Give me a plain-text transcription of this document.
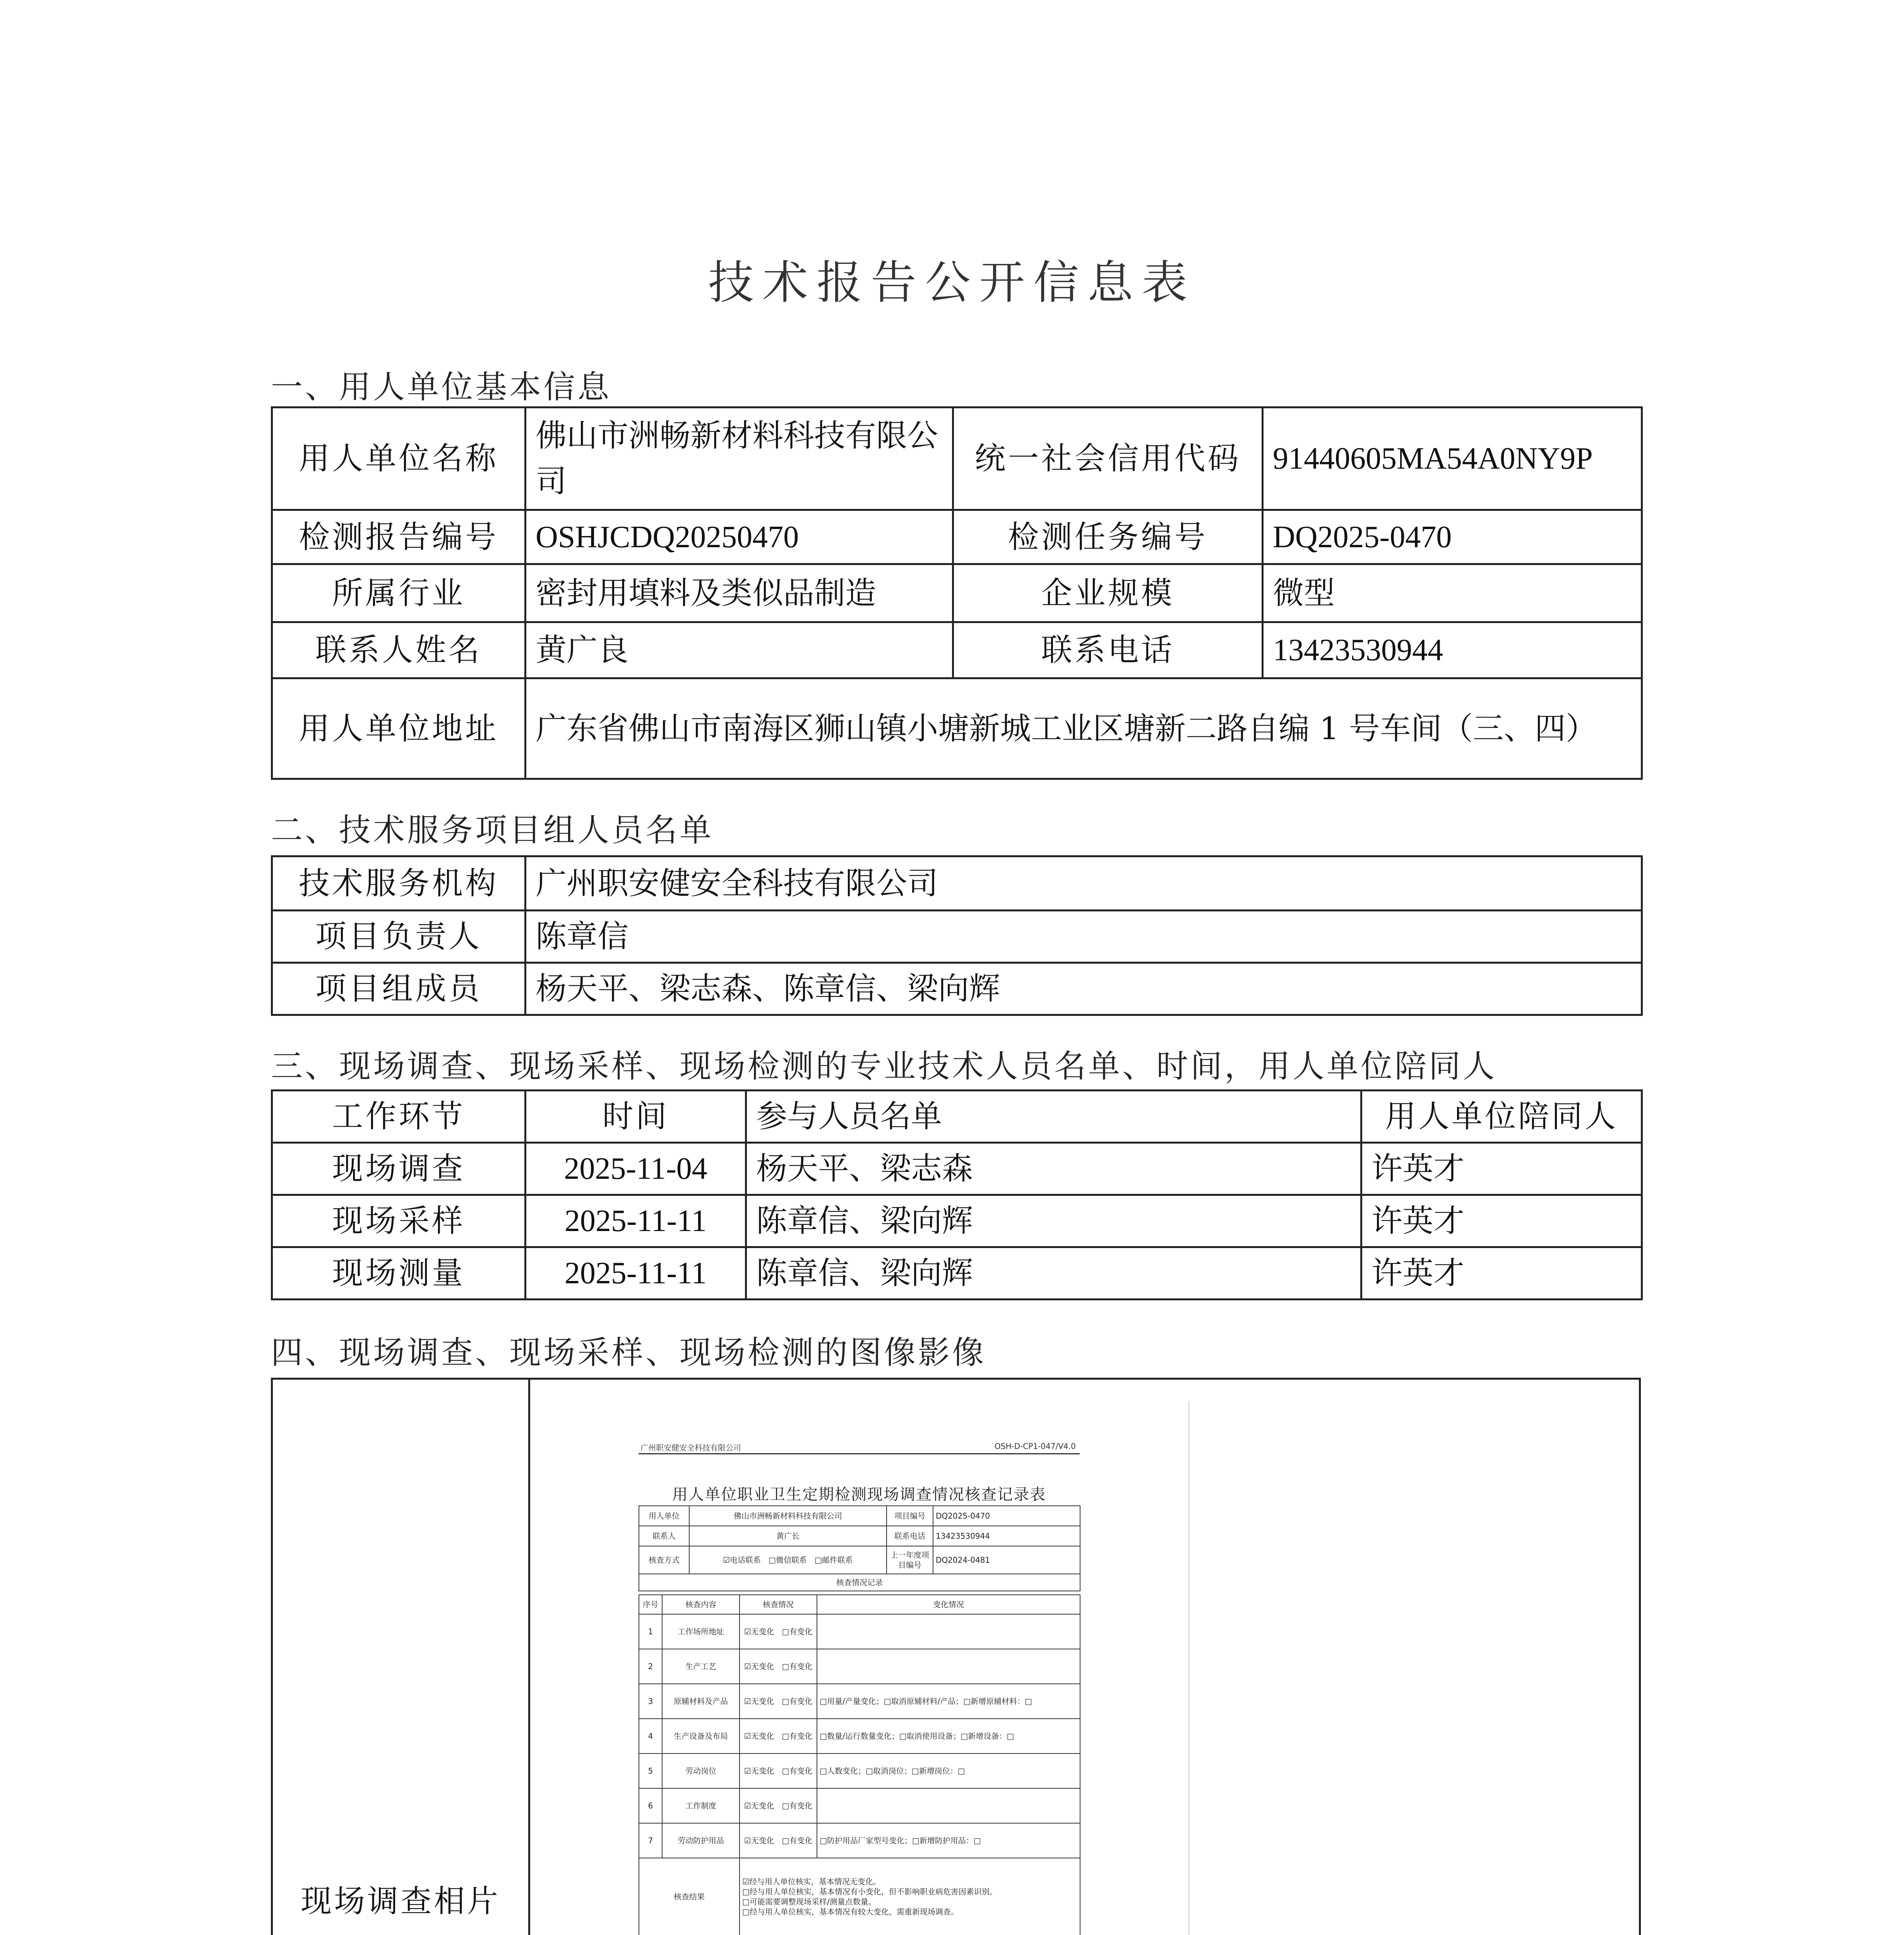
技术报告公开信息表
一、用人单位基本信息
用人单位名称	佛山市洲畅新材料科技有限公司	统一社会信用代码	91440605MA54A0NY9P
检测报告编号	OSHJCDQ20250470	检测任务编号	DQ2025-0470
所属行业	密封用填料及类似品制造	企业规模	微型
联系人姓名	黄广良	联系电话	13423530944
用人单位地址	广东省佛山市南海区狮山镇小塘新城工业区塘新二路自编 1 号车间（三、四）		
二、技术服务项目组人员名单
技术服务机构	广州职安健安全科技有限公司
项目负责人	陈章信
项目组成员	杨天平、梁志森、陈章信、梁向辉
三、现场调查、现场采样、现场检测的专业技术人员名单、时间，用人单位陪同人
工作环节	时间	参与人员名单	用人单位陪同人
现场调查	2025-11-04	杨天平、梁志森	许英才
现场采样	2025-11-11	陈章信、梁向辉	许英才
现场测量	2025-11-11	陈章信、梁向辉	许英才
四、现场调查、现场采样、现场检测的图像影像
现场调查相片
广州职安健安全科技有限公司	OSH-D-CP1-047/V4.0
用人单位职业卫生定期检测现场调查情况核查记录表
用人单位	佛山市洲畅新材料科技有限公司	项目编号	DQ2025-0470
联系人	黄广长	联系电话	13423530944
核查方式	☑电话联系　□微信联系　□邮件联系	上一年度项目编号	DQ2024-0481
核查情况记录			
序号	核查内容	核查情况	变化情况
1	工作场所地址	☑无变化　□有变化	
2	生产工艺	☑无变化　□有变化	
3	原辅材料及产品	☑无变化　□有变化	□用量/产量变化；□取消原辅材料/产品；□新增原辅材料：□
4	生产设备及布局	☑无变化　□有变化	□数量/运行数量变化；□取消使用设备；□新增设备：□
5	劳动岗位	☑无变化　□有变化	□人数变化；□取消岗位；□新增岗位：□
6	工作制度	☑无变化　□有变化	
7	劳动防护用品	☑无变化　□有变化	□防护用品厂家型号变化；□新增防护用品：□
核查结果		☑经与用人单位核实，基本情况无变化。
□经与用人单位核实，基本情况有小变化，但不影响职业病危害因素识别。
□可能需要调整现场采样/测量点数量。
□经与用人单位核实，基本情况有较大变化，需重新现场调查。	
